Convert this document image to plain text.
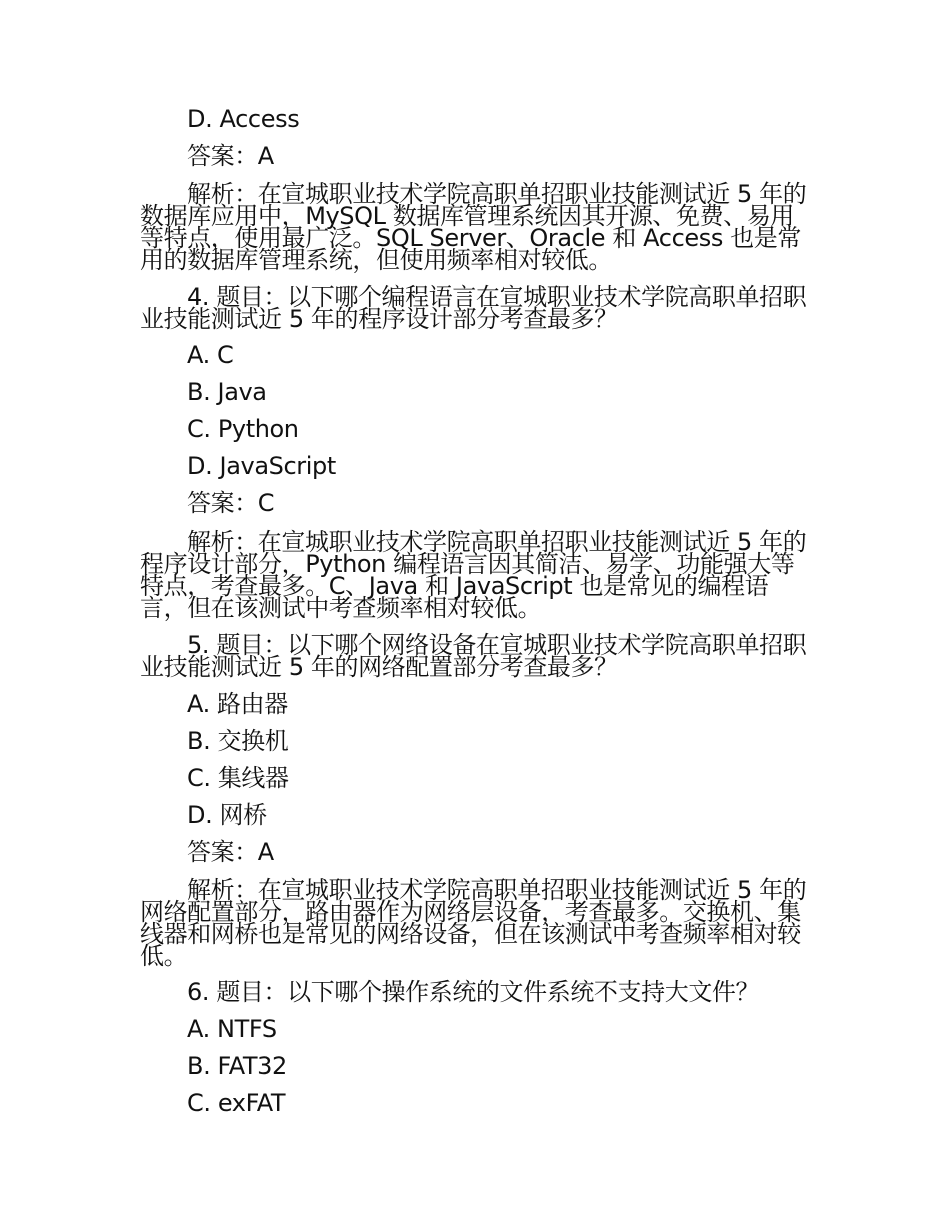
D. Access
答案：A
解析：在宣城职业技术学院高职单招职业技能测试近 5 年的数据库应用中，MySQL 数据库管理系统因其开源、免费、易用等特点，使用最广泛。SQL Server、Oracle 和 Access 也是常用的数据库管理系统，但使用频率相对较低。
4. 题目：以下哪个编程语言在宣城职业技术学院高职单招职业技能测试近 5 年的程序设计部分考查最多？
A. C
B. Java
C. Python
D. JavaScript
答案：C
解析：在宣城职业技术学院高职单招职业技能测试近 5 年的程序设计部分，Python 编程语言因其简洁、易学、功能强大等特点，考查最多。C、Java 和 JavaScript 也是常见的编程语言，但在该测试中考查频率相对较低。
5. 题目：以下哪个网络设备在宣城职业技术学院高职单招职业技能测试近 5 年的网络配置部分考查最多？
A. 路由器
B. 交换机
C. 集线器
D. 网桥
答案：A
解析：在宣城职业技术学院高职单招职业技能测试近 5 年的网络配置部分，路由器作为网络层设备，考查最多。交换机、集线器和网桥也是常见的网络设备，但在该测试中考查频率相对较低。
6. 题目：以下哪个操作系统的文件系统不支持大文件？
A. NTFS
B. FAT32
C. exFAT
